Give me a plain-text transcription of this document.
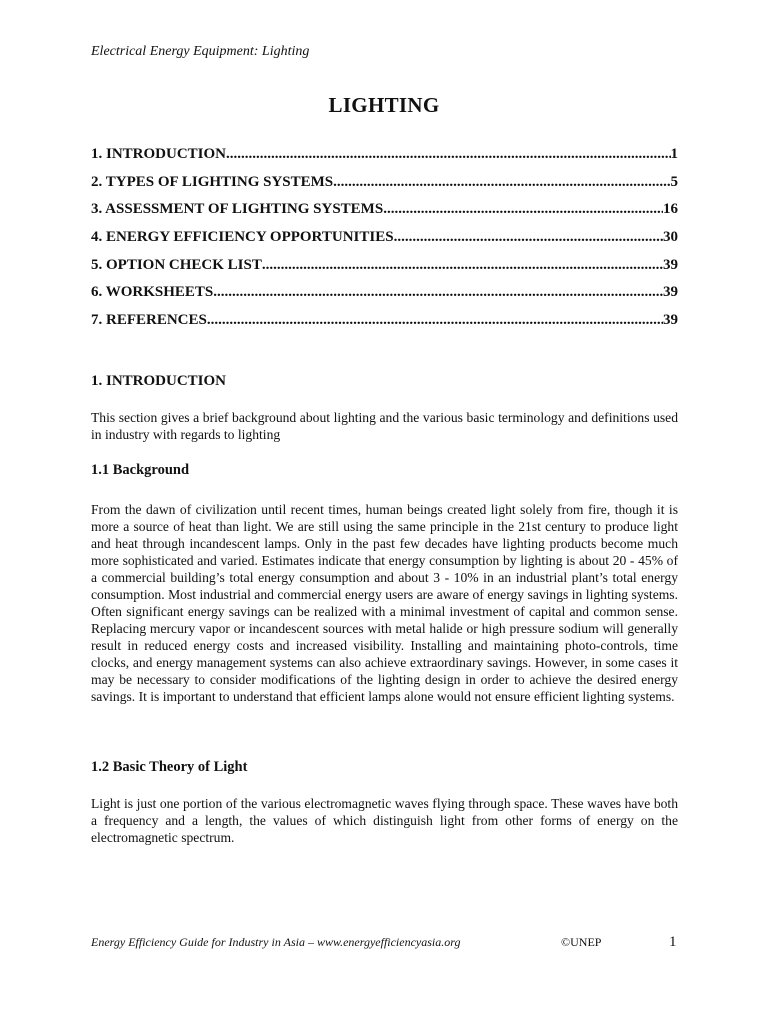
Electrical Energy Equipment: Lighting
LIGHTING
1. INTRODUCTION .....	1
2. TYPES OF LIGHTING SYSTEMS .....	5
3. ASSESSMENT OF LIGHTING SYSTEMS .....	16
4. ENERGY EFFICIENCY OPPORTUNITIES .....	30
5. OPTION CHECK LIST .....	39
6. WORKSHEETS .....	39
7. REFERENCES .....	39
1. INTRODUCTION
This section gives a brief background about lighting and the various basic terminology and definitions used in industry with regards to lighting
1.1 Background
From the dawn of civilization until recent times, human beings created light solely from fire, though it is more a source of heat than light. We are still using the same principle in the 21st century to produce light and heat through incandescent lamps. Only in the past few decades have lighting products become much more sophisticated and varied. Estimates indicate that energy consumption by lighting is about 20 - 45% of a commercial building’s total energy consumption and about 3 - 10% in an industrial plant’s total energy consumption. Most industrial and commercial energy users are aware of energy savings in lighting systems. Often significant energy savings can be realized with a minimal investment of capital and common sense. Replacing mercury vapor or incandescent sources with metal halide or high pressure sodium will generally result in reduced energy costs and increased visibility. Installing and maintaining photo-controls, time clocks, and energy management systems can also achieve extraordinary savings. However, in some cases it may be necessary to consider modifications of the lighting design in order to achieve the desired energy savings. It is important to understand that efficient lamps alone would not ensure efficient lighting systems.
1.2 Basic Theory of Light
Light is just one portion of the various electromagnetic waves flying through space. These waves have both a frequency and a length, the values of which distinguish light from other forms of energy on the electromagnetic spectrum.
Energy Efficiency Guide for Industry in Asia – www.energyefficiencyasia.org	©UNEP	1
